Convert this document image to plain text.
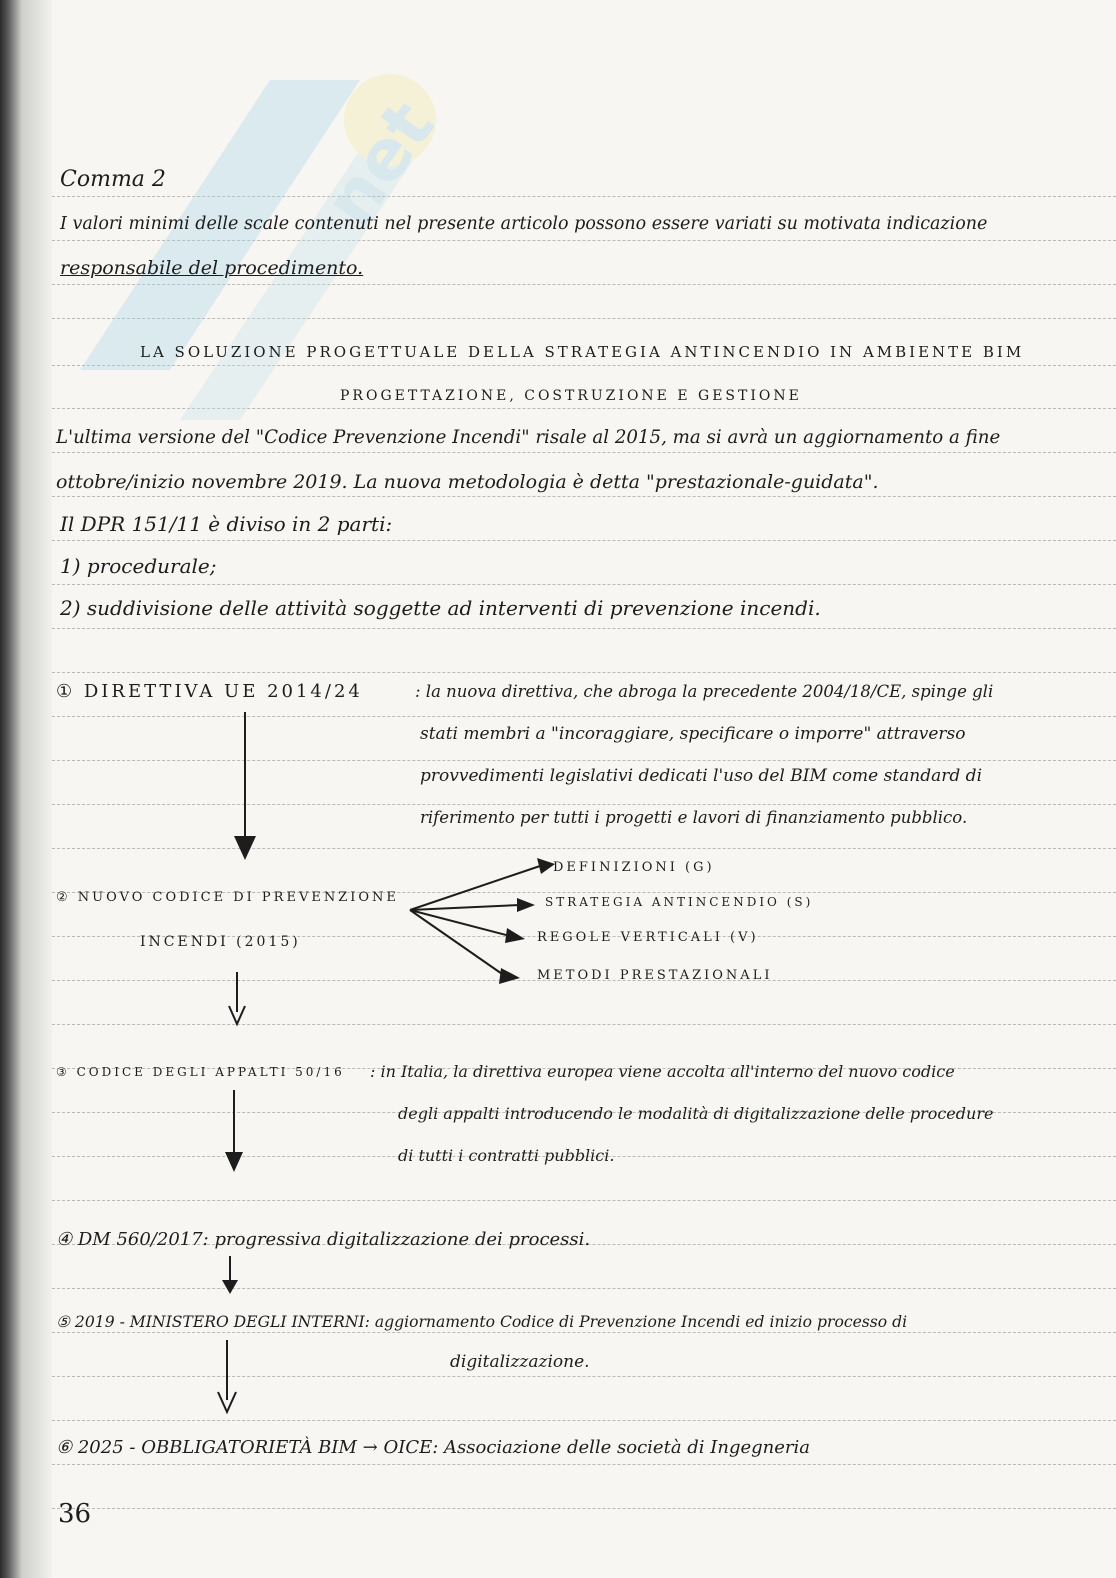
net
Comma 2
I valori minimi delle scale contenuti nel presente articolo possono essere variati su motivata indicazione
responsabile del procedimento.
LA SOLUZIONE PROGETTUALE DELLA STRATEGIA ANTINCENDIO IN AMBIENTE BIM
PROGETTAZIONE, COSTRUZIONE E GESTIONE
L'ultima versione del "Codice Prevenzione Incendi" risale al 2015, ma si avrà un aggiornamento a fine
ottobre/inizio novembre 2019. La nuova metodologia è detta "prestazionale-guidata".
Il DPR 151/11 è diviso in 2 parti:
1) procedurale;
2) suddivisione delle attività soggette ad interventi di prevenzione incendi.
① DIRETTIVA UE 2014/24	: la nuova direttiva, che abroga la precedente 2004/18/CE, spinge gli
stati membri a "incoraggiare, specificare o imporre" attraverso
provvedimenti legislativi dedicati l'uso del BIM come standard di
riferimento per tutti i progetti e lavori di finanziamento pubblico.
② NUOVO CODICE DI PREVENZIONE
INCENDI (2015)
DEFINIZIONI (G)
STRATEGIA ANTINCENDIO (S)
REGOLE VERTICALI (V)
METODI PRESTAZIONALI
③ CODICE DEGLI APPALTI 50/16 : in Italia, la direttiva europea viene accolta all'interno del nuovo codice
degli appalti introducendo le modalità di digitalizzazione delle procedure
di tutti i contratti pubblici.
④ DM 560/2017: progressiva digitalizzazione dei processi.
⑤ 2019 - MINISTERO DEGLI INTERNI: aggiornamento Codice di Prevenzione Incendi ed inizio processo di
digitalizzazione.
⑥ 2025 - OBBLIGATORIETÀ BIM → OICE: Associazione delle società di Ingegneria
36
